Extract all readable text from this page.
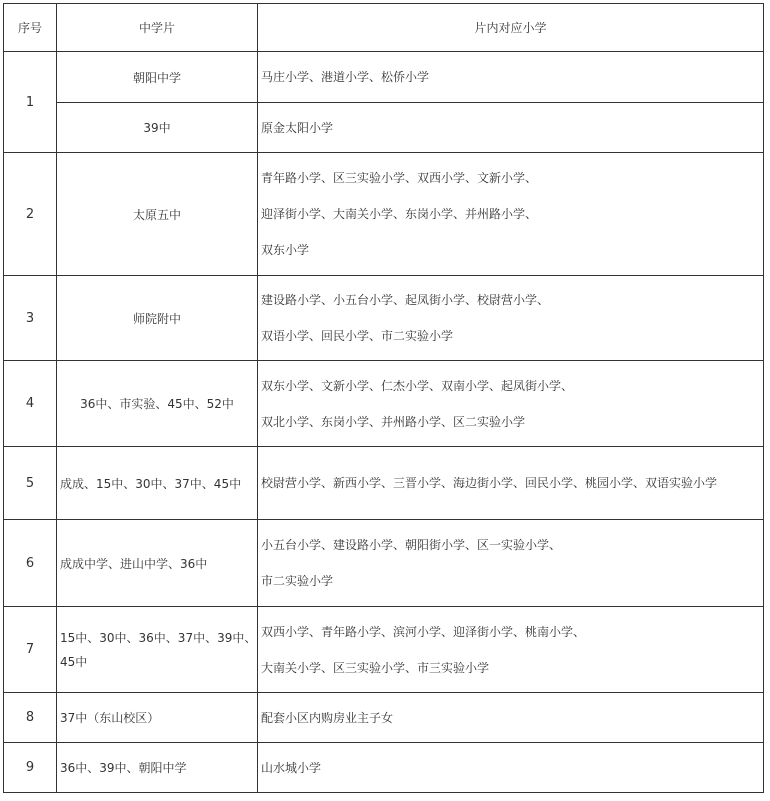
序号	中学片	片内对应小学
1	朝阳中学	马庄小学、港道小学、松侨小学

	39中	原金太阳小学

2	太原五中	青年路小学、区三实验小学、双西小学、文新小学、
迎泽街小学、大南关小学、东岗小学、并州路小学、
双东小学

3	师院附中	建设路小学、小五台小学、起凤街小学、校尉营小学、
双语小学、回民小学、市二实验小学

4	36中、市实验、45中、52中	双东小学、文新小学、仁杰小学、双南小学、起凤街小学、
双北小学、东岗小学、并州路小学、区二实验小学

5	成成、15中、30中、37中、45中	校尉营小学、新西小学、三晋小学、海边街小学、回民小学、桃园小学、双语实验小学

6	成成中学、进山中学、36中	小五台小学、建设路小学、朝阳街小学、区一实验小学、
市二实验小学

7	15中、30中、36中、37中、39中、45中	双西小学、青年路小学、滨河小学、迎泽街小学、桃南小学、
大南关小学、区三实验小学、市三实验小学

8	37中（东山校区）	配套小区内购房业主子女

9	36中、39中、朝阳中学	山水城小学
